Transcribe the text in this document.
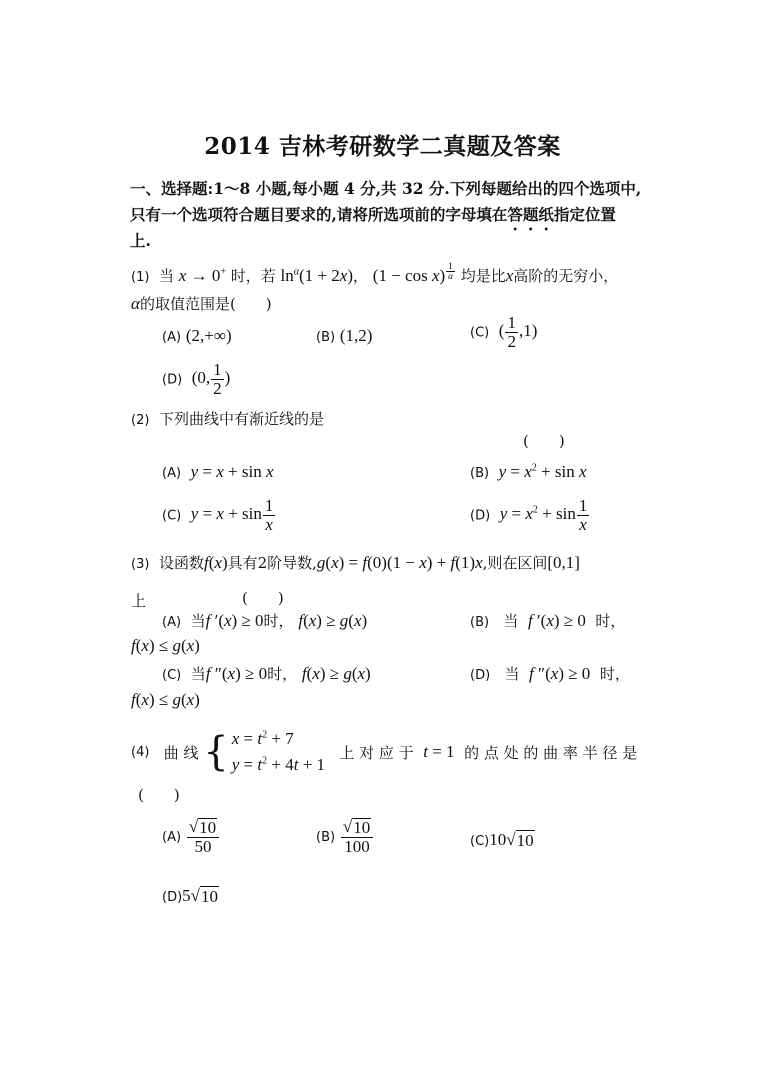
2014 吉林考研数学二真题及答案
一、选择题:1～8 小题,每小题 4 分,共 32 分.下列每题给出的四个选项中,
只有一个选项符合题目要求的,请将所选项前的字母填在答题纸指定位置
上.
(1) 当 x → 0+ 时，若 $\ln^\alpha(1 + 2x)$， (1 − cos x) $^{\frac{1}{\alpha}}$ 均是比x高阶的无穷小，
α的取值范围是(　　)
(A) (2,+∞)	(B) (1,2)	(C) ( $\frac{1}{2} ,1$)
(D) (0, $\frac{1}{2}$ )
(2) 下列曲线中有渐近线的是
(　　)
(A) y = x + sin x	(B) $y = x^2 + \sin x$
(C) $y = x + \sin \frac{1}{x}$	(D) $y = x^2 + \sin \frac{1}{x}$
(3) 设函数f(x)具有2阶导数,g(x) = f(0)(1 − x) + f(1)x,则在区间[0,1]
上	(　　)
(A) 当f ′(x) ≥ 0时， f(x) ≥ g(x)	(B) 当 f ′(x) ≥ 0 时，
f(x) ≤ g(x)
(C) 当f ″(x) ≥ 0时， f(x) ≥ g(x)	(D) 当 f ″(x) ≥ 0 时，
f(x) ≤ g(x)
(4)
曲 线
{ $x = t^2 + 7$
$y = t^2 + 4t + 1$

上 对 应 于
t = 1
的 点 处 的 曲 率 半 径 是
(　　)
$(A) \frac{√ 10}{50}$	$(B) \frac{√ 10}{100}$	(C)10√ 10
(D)5√ 10
